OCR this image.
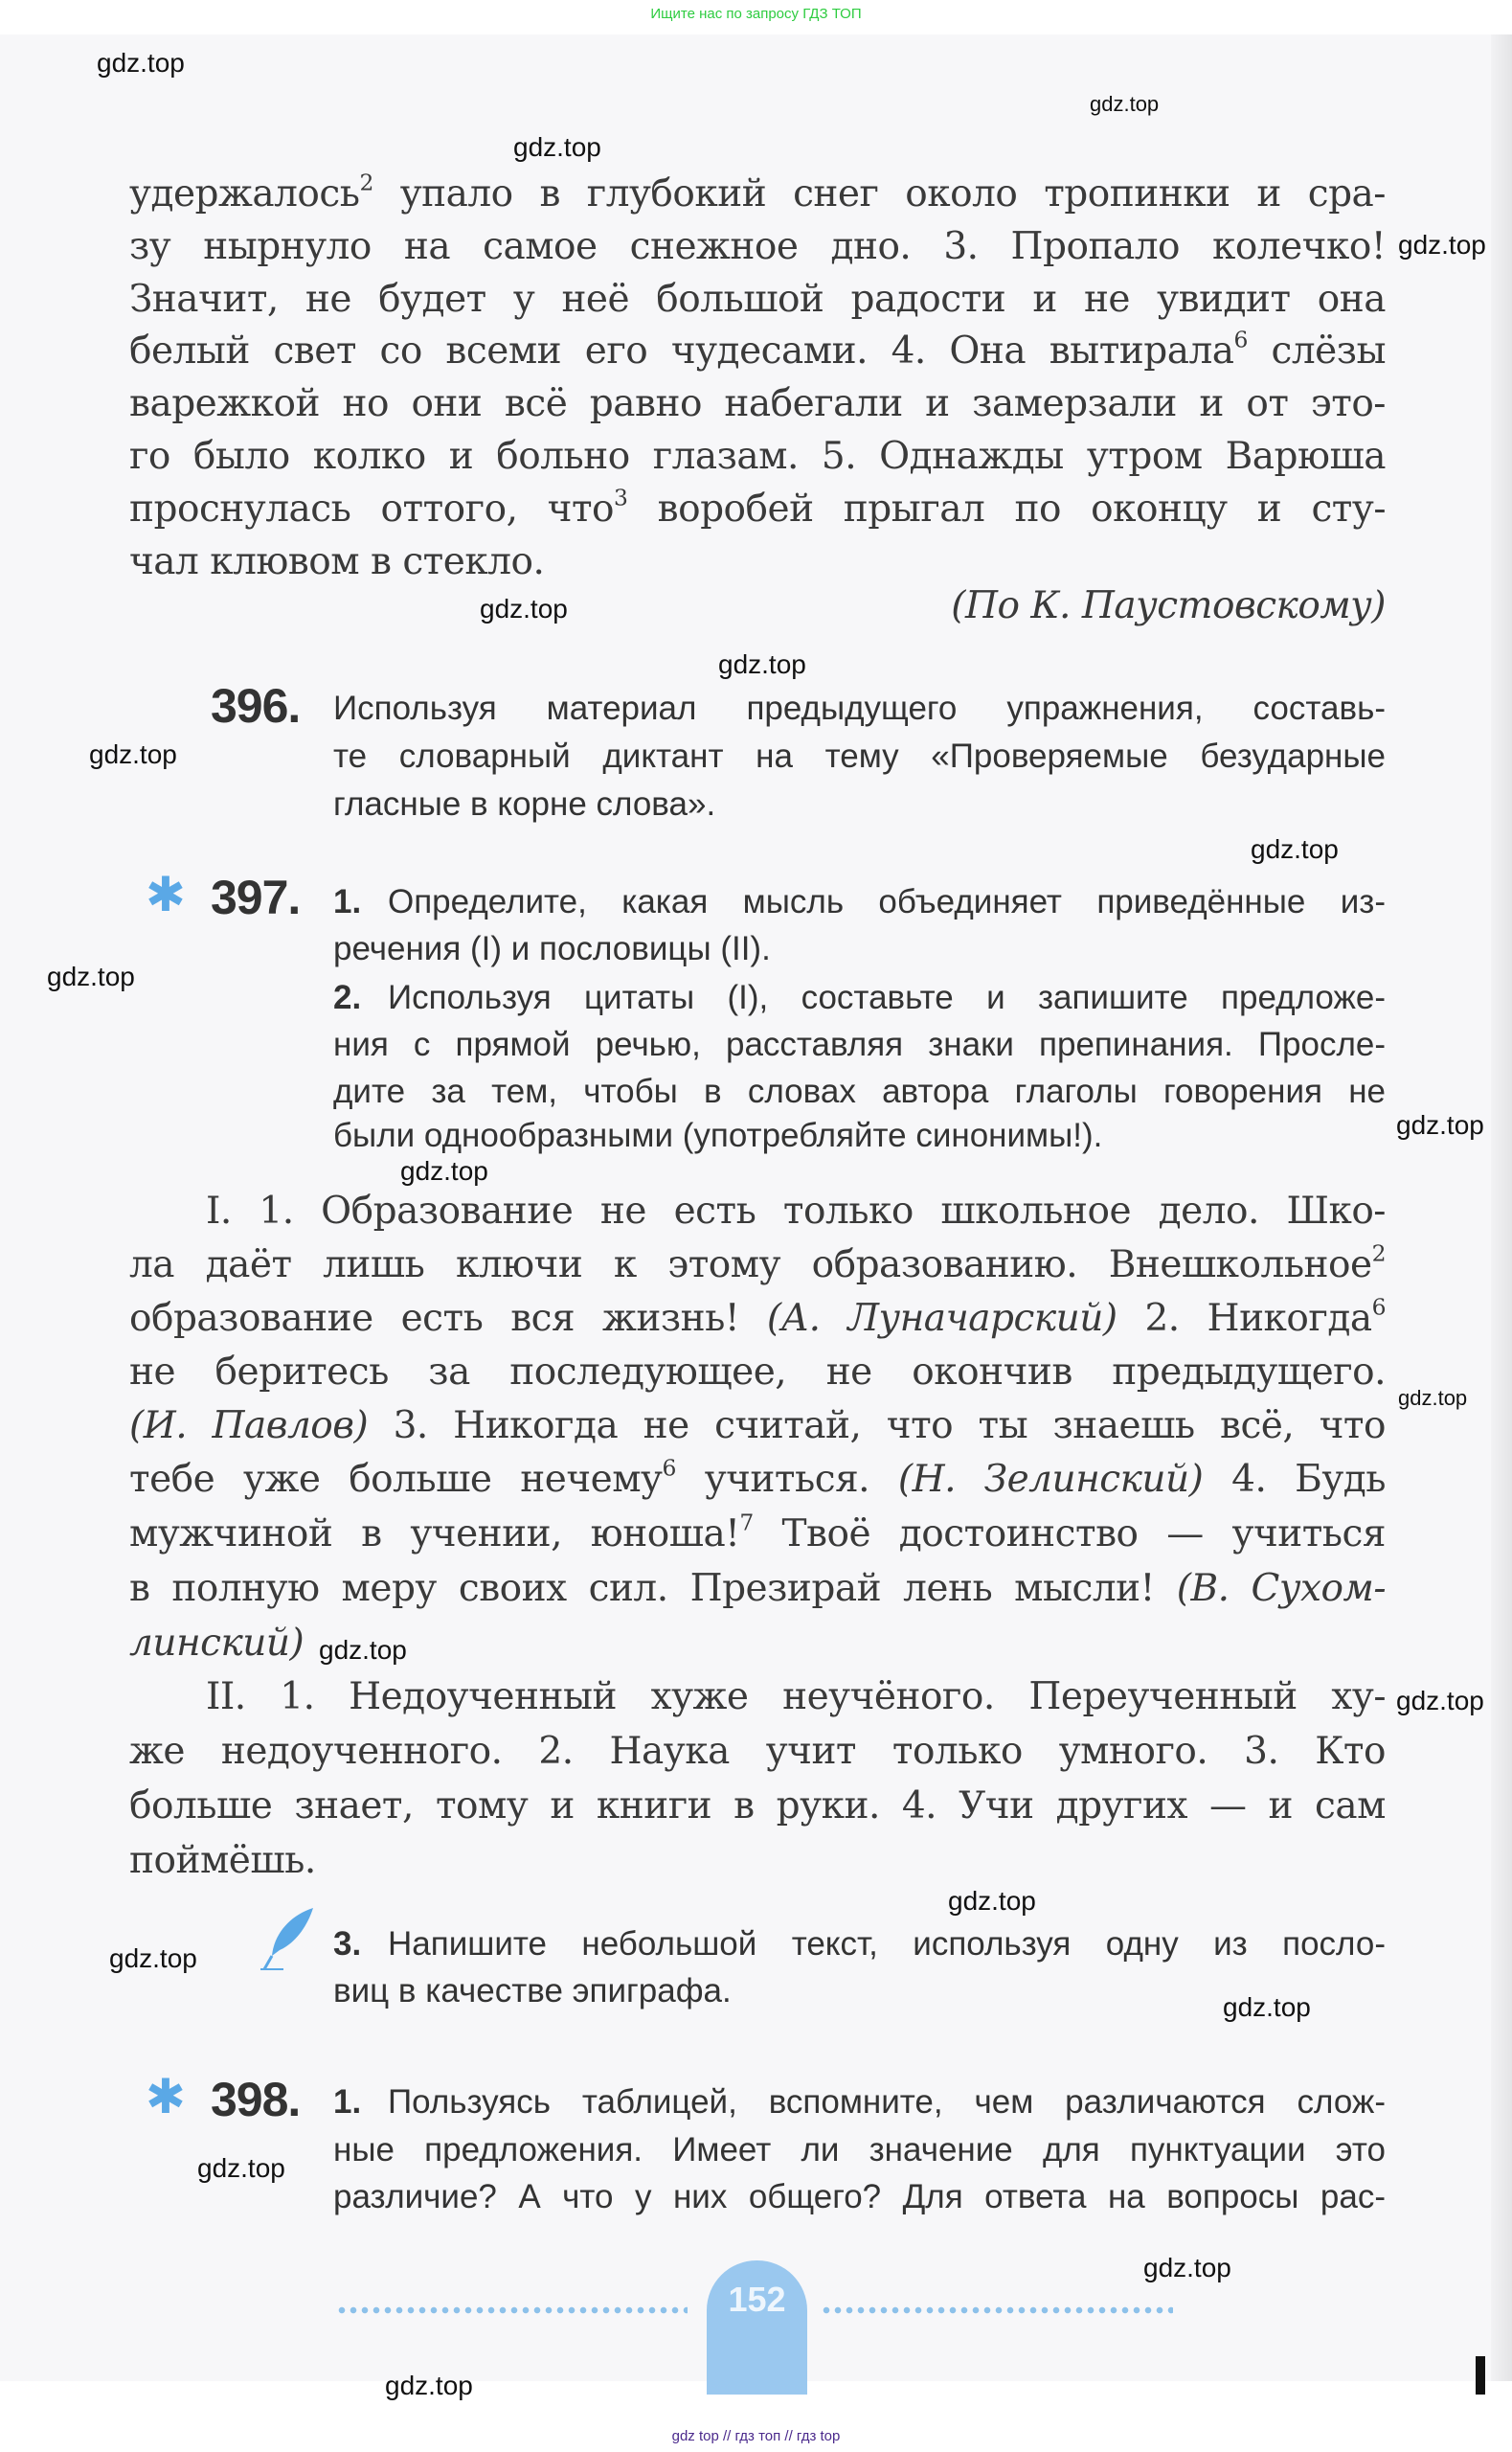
Ищите нас по запросу ГДЗ ТОП
удержалось$^2$ упало в глубокий снег около тропинки и сра-
зу нырнуло на самое снежное дно. 3. Пропало колечко!
Значит, не будет у неё большой радости и не увидит она
белый свет со всеми его чудесами. 4. Она вытирала$^6$ слёзы
варежкой но они всё равно набегали и замерзали и от это-
го было колко и больно глазам. 5. Однажды утром Варюша
проснулась оттого, что$^3$ воробей прыгал по оконцу и сту-
чал клювом в стекло.
(По К. Паустовскому)
396. Используя материал предыдущего упражнения, составь-
те словарный диктант на тему «Проверяемые безударные
гласные в корне слова».
✱ 397. 1. Определите, какая мысль объединяет приведённые из-
речения (I) и пословицы (II).
2. Используя цитаты (I), составьте и запишите предложе-
ния с прямой речью, расставляя знаки препинания. Просле-
дите за тем, чтобы в словах автора глаголы говорения не
были однообразными (употребляйте синонимы!).
I. 1. Образование не есть только школьное дело. Шко-
ла даёт лишь ключи к этому образованию. Внешкольное$^2$
образование есть вся жизнь! (А. Луначарский) 2. Никогда$^6$
не беритесь за последующее, не окончив предыдущего.
(И. Павлов) 3. Никогда не считай, что ты знаешь всё, что
тебе уже больше нечему$^6$ учиться. (Н. Зелинский) 4. Будь
мужчиной в учении, юноша!$^7$ Твоё достоинство — учиться
в полную меру своих сил. Презирай лень мысли! (В. Сухом-
линский)
II. 1. Недоученный хуже неучёного. Переученный ху-
же недоученного. 2. Наука учит только умного. 3. Кто
больше знает, тому и книги в руки. 4. Учи других — и сам
поймёшь.
3. Напишите небольшой текст, используя одну из посло-
виц в качестве эпиграфа.
✱ 398. 1. Пользуясь таблицей, вспомните, чем различаются слож-
ные предложения. Имеет ли значение для пунктуации это
различие? А что у них общего? Для ответа на вопросы рас-
152
gdz.top
gdz.top
gdz.top
gdz.top
gdz.top
gdz.top
gdz.top
gdz.top
gdz.top
gdz.top
gdz.top
gdz.top
gdz.top
gdz.top
gdz.top
gdz.top
gdz.top
gdz.top
gdz.top
gdz.top
gdz top // гдз топ // гдз top
